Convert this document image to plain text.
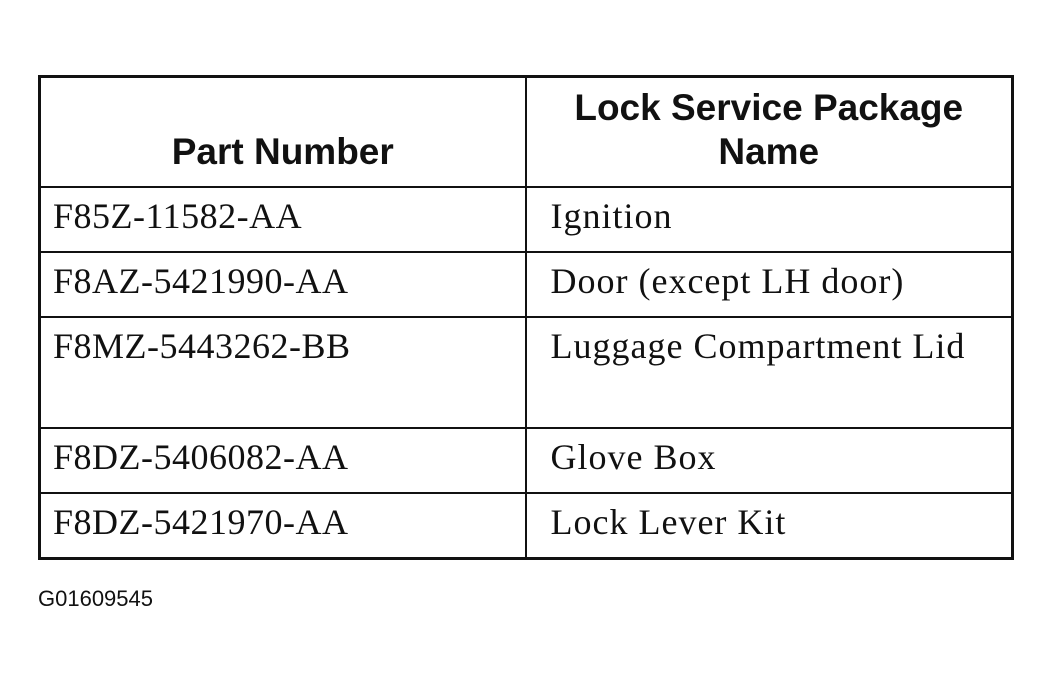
Part Number	Lock Service Package Name
F85Z-11582-AA	Ignition
F8AZ-5421990-AA	Door (except LH door)
F8MZ-5443262-BB	Luggage Compartment Lid
F8DZ-5406082-AA	Glove Box
F8DZ-5421970-AA	Lock Lever Kit
G01609545
